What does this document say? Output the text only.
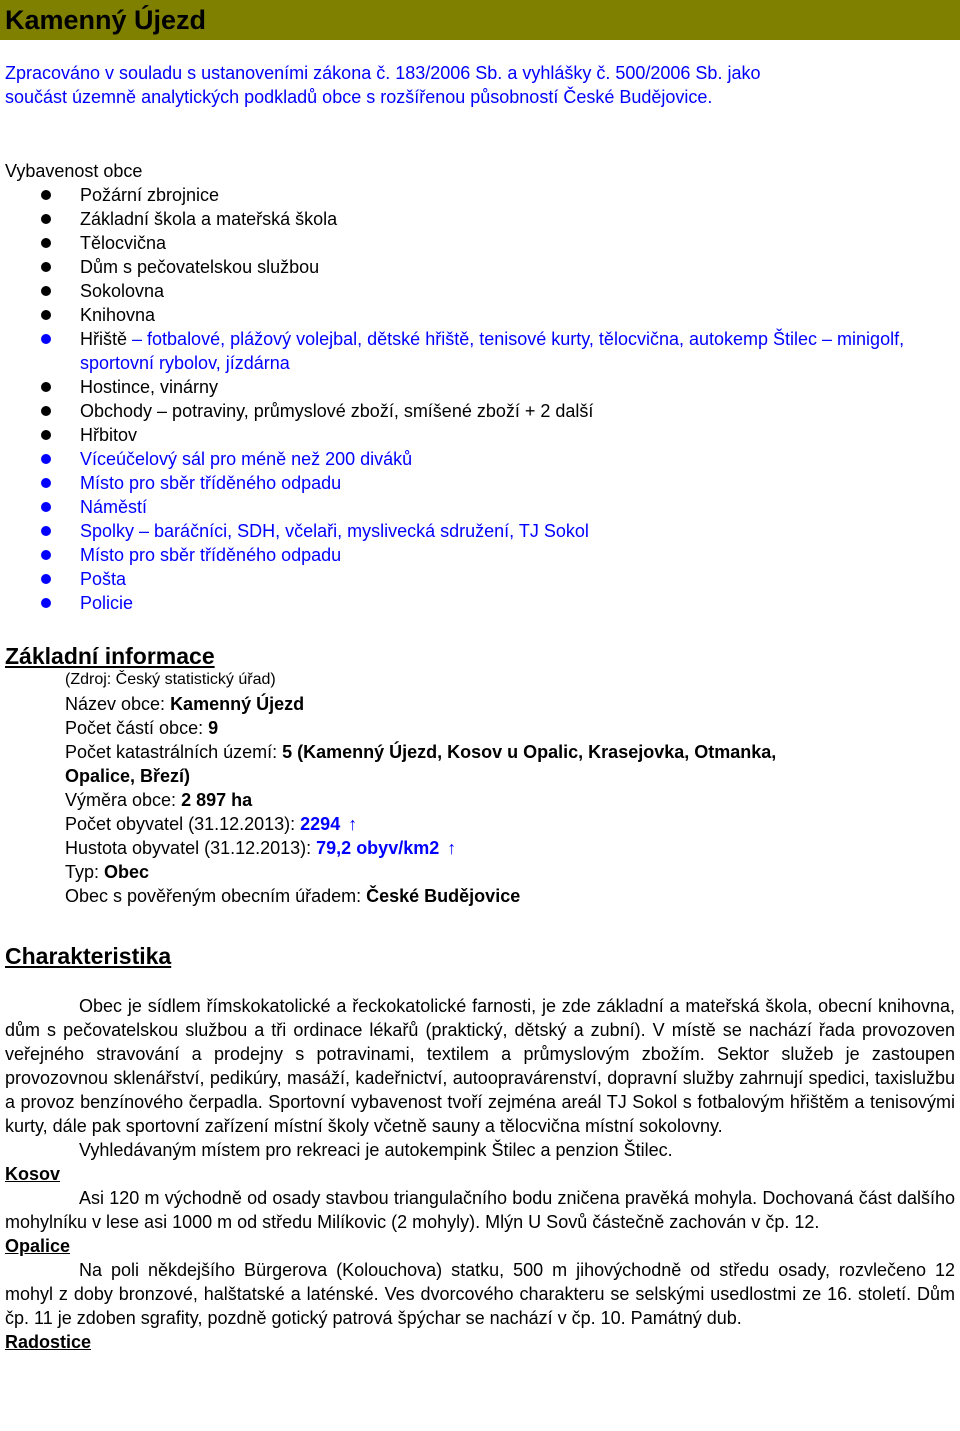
Kamenný Újezd
Zpracováno v souladu s ustanoveními zákona č. 183/2006 Sb. a vyhlášky č. 500/2006 Sb. jako
součást územně analytických podkladů obce s rozšířenou působností České Budějovice.
Vybavenost obce
Požární zbrojnice
Základní škola a mateřská škola
Tělocvična
Dům s pečovatelskou službou
Sokolovna
Knihovna
Hřiště – fotbalové, plážový volejbal, dětské hřiště, tenisové kurty, tělocvična, autokemp Štilec – minigolf, sportovní rybolov, jízdárna
Hostince, vinárny
Obchody – potraviny, průmyslové zboží, smíšené zboží + 2 další
Hřbitov
Víceúčelový sál pro méně než 200 diváků
Místo pro sběr tříděného odpadu
Náměstí
Spolky – baráčníci, SDH, včelaři, myslivecká sdružení, TJ Sokol
Místo pro sběr tříděného odpadu
Pošta
Policie
Základní informace
(Zdroj: Český statistický úřad)
Název obce: Kamenný Újezd
Počet částí obce: 9
Počet katastrálních území: 5 (Kamenný Újezd, Kosov u Opalic, Krasejovka, Otmanka,
Opalice, Březí)
Výměra obce: 2 897 ha
Počet obyvatel (31.12.2013): 2294 ↑
Hustota obyvatel (31.12.2013): 79,2 obyv/km2 ↑
Typ: Obec
Obec s pověřeným obecním úřadem: České Budějovice
Charakteristika

Obec je sídlem římskokatolické a řeckokatolické farnosti, je zde základní a mateřská škola, obecní knihovna, dům s pečovatelskou službou a tři ordinace lékařů (praktický, dětský a zubní). V místě se nachází řada provozoven veřejného stravování a prodejny s potravinami, textilem a průmyslovým zbožím. Sektor služeb je zastoupen provozovnou sklenářství, pedikúry, masáží, kadeřnictví, autoopravárenství, dopravní služby zahrnují spedici, taxislužbu a provoz benzínového čerpadla. Sportovní vybavenost tvoří zejména areál TJ Sokol s fotbalovým hřištěm a tenisovými kurty, dále pak sportovní zařízení místní školy včetně sauny a tělocvična místní sokolovny.

Vyhledávaným místem pro rekreaci je autokempink Štilec a penzion Štilec.

Kosov

Asi 120 m východně od osady stavbou triangulačního bodu zničena pravěká mohyla. Dochovaná část dalšího mohylníku v lese asi 1000 m od středu Milíkovic (2 mohyly). Mlýn U Sovů částečně zachován v čp. 12.

Opalice

Na poli někdejšího Bürgerova (Kolouchova) statku, 500 m jihovýchodně od středu osady, rozvlečeno 12 mohyl z doby bronzové, halštatské a laténské. Ves dvorcového charakteru se selskými usedlostmi ze 16. století. Dům čp. 11 je zdoben sgrafity, pozdně gotický patrová špýchar se nachází v čp. 10. Památný dub.

Radostice
